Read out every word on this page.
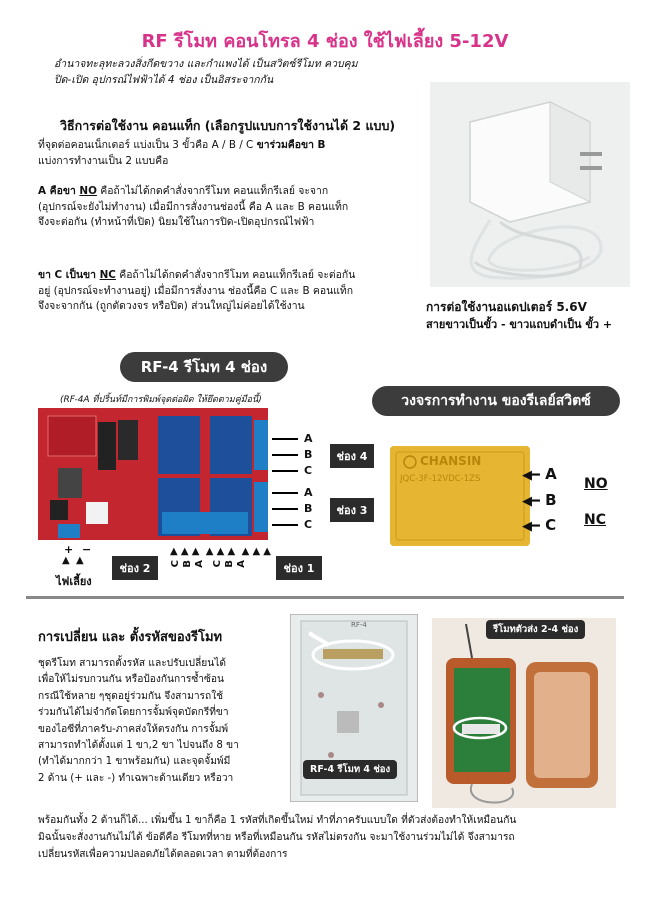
RF รีโมท คอนโทรล 4 ช่อง ใช้ไฟเลี้ยง 5-12V
อำนาจทะลุทะลวงสิ่งกีดขวาง และกำแพงได้ เป็นสวิตซ์รีโมท ควบคุม
ปิด-เปิด อุปกรณ์ไฟฟ้าได้ 4 ช่อง เป็นอิสระจากกัน
วิธีการต่อใช้งาน คอนแท็ก (เลือกรูปแบบการใช้งานได้ 2 แบบ)
ที่จุดต่อคอนเน็กเตอร์ แบ่งเป็น 3 ขั้วคือ A / B / C ขาร่วมคือขา B
แบ่งการทำงานเป็น 2 แบบคือ
A คือขา NO คือถ้าไม่ได้กดคำสั่งจากรีโมท คอนแท็กรีเลย์ จะจาก
(อุปกรณ์จะยังไม่ทำงาน) เมื่อมีการสั่งงานช่องนี้ คือ A และ B คอนแท็ก
จึงจะต่อกัน (ทำหน้าที่เปิด) นิยมใช้ในการปิด-เปิดอุปกรณ์ไฟฟ้า
ขา C เป็นขา NC คือถ้าไม่ได้กดคำสั่งจากรีโมท คอนแท็กรีเลย์ จะต่อกัน
อยู่ (อุปกรณ์จะทำงานอยู่) เมื่อมีการสั่งงาน ช่องนี้คือ C และ B คอนแท็ก
จึงจะจากกัน (ถูกตัดวงจร หรือปิด) ส่วนใหญ่ไม่ค่อยได้ใช้งาน	การต่อใช้งานอแดปเตอร์ 5.6V
สายขาวเป็นขั้ว - ขาวแถบดำเป็น ขั้ว +
RF-4 รีโมท 4 ช่อง
(RF-4A ที่ปริ้นท์มีการพิมพ์จุดต่อผิด ให้ยึดตามคู่มือนี้)
A
B
C
ช่อง 4
A
B
C
ช่อง 3
+ −
▲  ▲
ไฟเลี้ยง
ช่อง 2
▲ ▲ ▲  ▲ ▲ ▲  ▲ ▲ ▲
C B A C B A	ช่อง 1
วงจรการทำงาน ของรีเลย์สวิตซ์
CHANSIN
JQC-3F-12VDC-1ZS	◀━ A
◀━ B
◀━ C
NO
NC
การเปลี่ยน และ ตั้งรหัสของรีโมท
ชุดรีโมท สามารถตั้งรหัส และปรับเปลี่ยนได้
เพื่อให้ไม่รบกวนกัน หรือป้องกันการซ้ำซ้อน
กรณีใช้หลาย ๆชุดอยู่ร่วมกัน จึงสามารถใช้
ร่วมกันได้ไม่จำกัดโดยการจั้มพ์จุดบัดกรีที่ขา
ของไอซีที่ภาครับ-ภาคส่งให้ตรงกัน การจั้มพ์
สามารถทำได้ตั้งแต่ 1 ขา,2 ขา ไปจนถึง 8 ขา
(ทำได้มากกว่า 1 ขาพร้อมกัน) และจุดจั้มพ์มี
2 ด้าน (+ และ -) ทำเฉพาะด้านเดียว หรือวา
พร้อมกันทั้ง 2 ด้านก็ได้... เพิ่มขึ้น 1 ขาก็คือ 1 รหัสที่เกิดขึ้นใหม่ ทำที่ภาครับแบบใด ที่ตัวส่งต้องทำให้เหมือนกัน
มิฉนั้นจะสั่งงานกันไม่ได้ ข้อดีคือ รีโมทที่หาย หรือที่เหมือนกัน รหัสไม่ตรงกัน จะมาใช้งานร่วมไม่ได้ จึงสามารถ
เปลี่ยนรหัสเพื่อความปลอดภัยได้ตลอดเวลา ตามที่ต้องการ
RF-4
RF-4 รีโมท 4 ช่อง
รีโมทตัวส่ง 2-4 ช่อง
